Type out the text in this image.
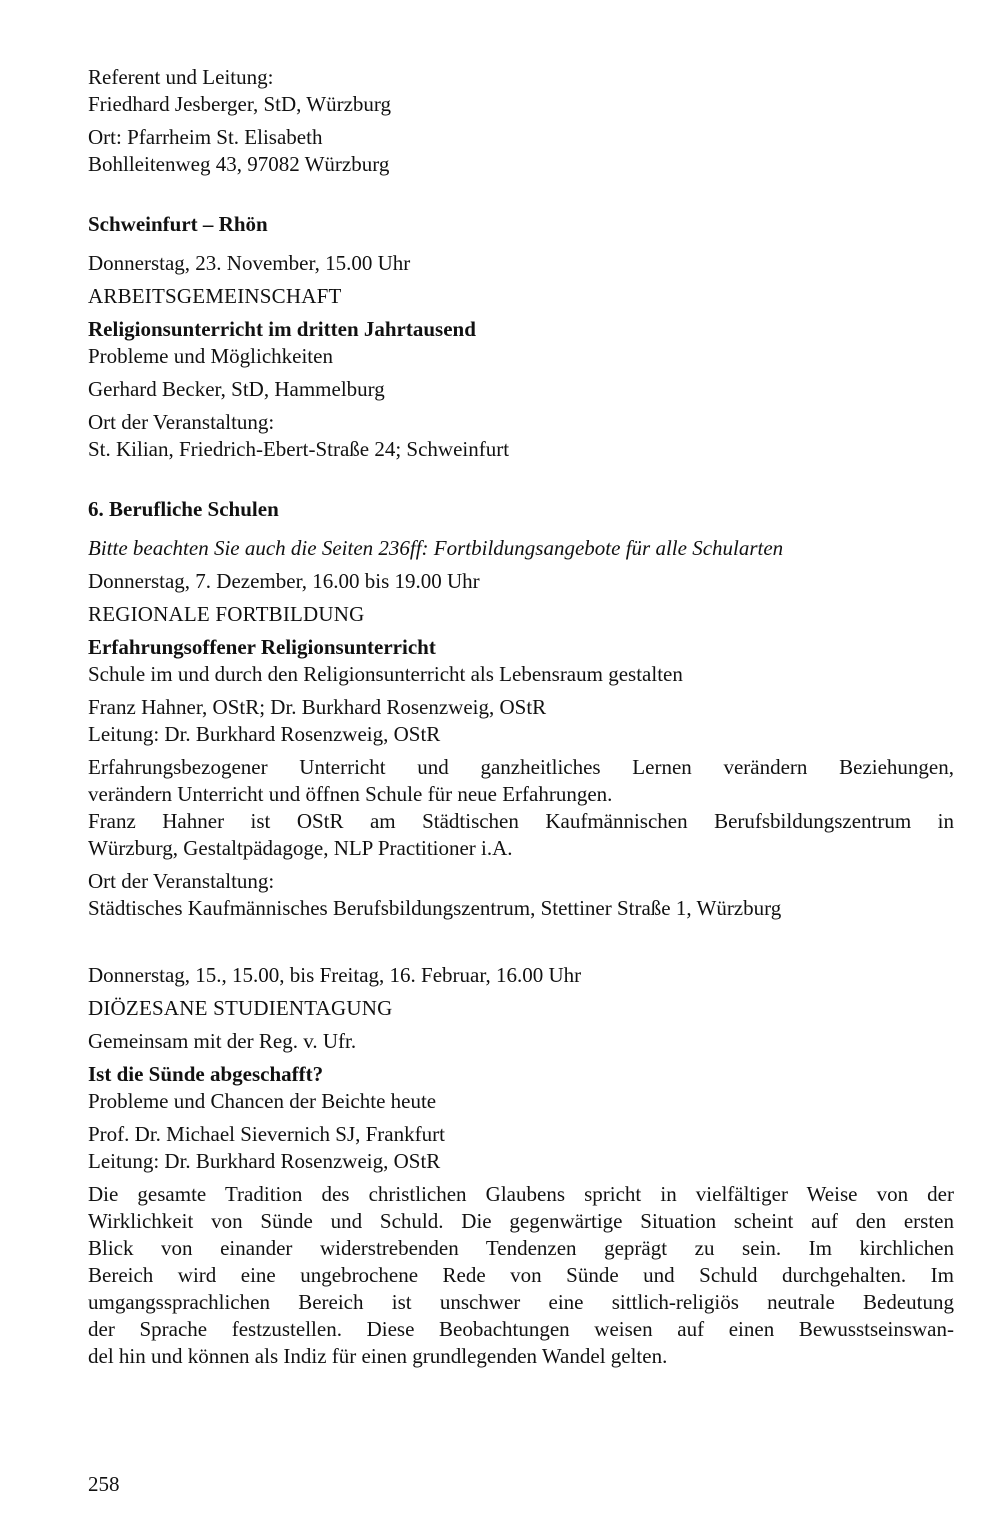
Referent und Leitung:
Friedhard Jesberger, StD, Würzburg
Ort: Pfarrheim St. Elisabeth
Bohlleitenweg 43, 97082 Würzburg
Schweinfurt – Rhön
Donnerstag, 23. November, 15.00 Uhr
ARBEITSGEMEINSCHAFT
Religionsunterricht im dritten Jahrtausend
Probleme und Möglichkeiten
Gerhard Becker, StD, Hammelburg
Ort der Veranstaltung:
St. Kilian, Friedrich-Ebert-Straße 24; Schweinfurt
6. Berufliche Schulen
Bitte beachten Sie auch die Seiten 236ff: Fortbildungsangebote für alle Schularten
Donnerstag, 7. Dezember, 16.00 bis 19.00 Uhr
REGIONALE FORTBILDUNG
Erfahrungsoffener Religionsunterricht
Schule im und durch den Religionsunterricht als Lebensraum gestalten
Franz Hahner, OStR; Dr. Burkhard Rosenzweig, OStR
Leitung: Dr. Burkhard Rosenzweig, OStR
Erfahrungsbezogener Unterricht und ganzheitliches Lernen verändern Beziehungen,
verändern Unterricht und öffnen Schule für neue Erfahrungen.
Franz Hahner ist OStR am Städtischen Kaufmännischen Berufsbildungszentrum in
Würzburg, Gestaltpädagoge, NLP Practitioner i.A.
Ort der Veranstaltung:
Städtisches Kaufmännisches Berufsbildungszentrum, Stettiner Straße 1, Würzburg
Donnerstag, 15., 15.00, bis Freitag, 16. Februar, 16.00 Uhr
DIÖZESANE STUDIENTAGUNG
Gemeinsam mit der Reg. v. Ufr.
Ist die Sünde abgeschafft?
Probleme und Chancen der Beichte heute
Prof. Dr. Michael Sievernich SJ, Frankfurt
Leitung: Dr. Burkhard Rosenzweig, OStR
Die gesamte Tradition des christlichen Glaubens spricht in vielfältiger Weise von der
Wirklichkeit von Sünde und Schuld. Die gegenwärtige Situation scheint auf den ersten
Blick von einander widerstrebenden Tendenzen geprägt zu sein. Im kirchlichen
Bereich wird eine ungebrochene Rede von Sünde und Schuld durchgehalten. Im
umgangssprachlichen Bereich ist unschwer eine sittlich-religiös neutrale Bedeutung
der Sprache festzustellen. Diese Beobachtungen weisen auf einen Bewusstseinswan-
del hin und können als Indiz für einen grundlegenden Wandel gelten.
258
